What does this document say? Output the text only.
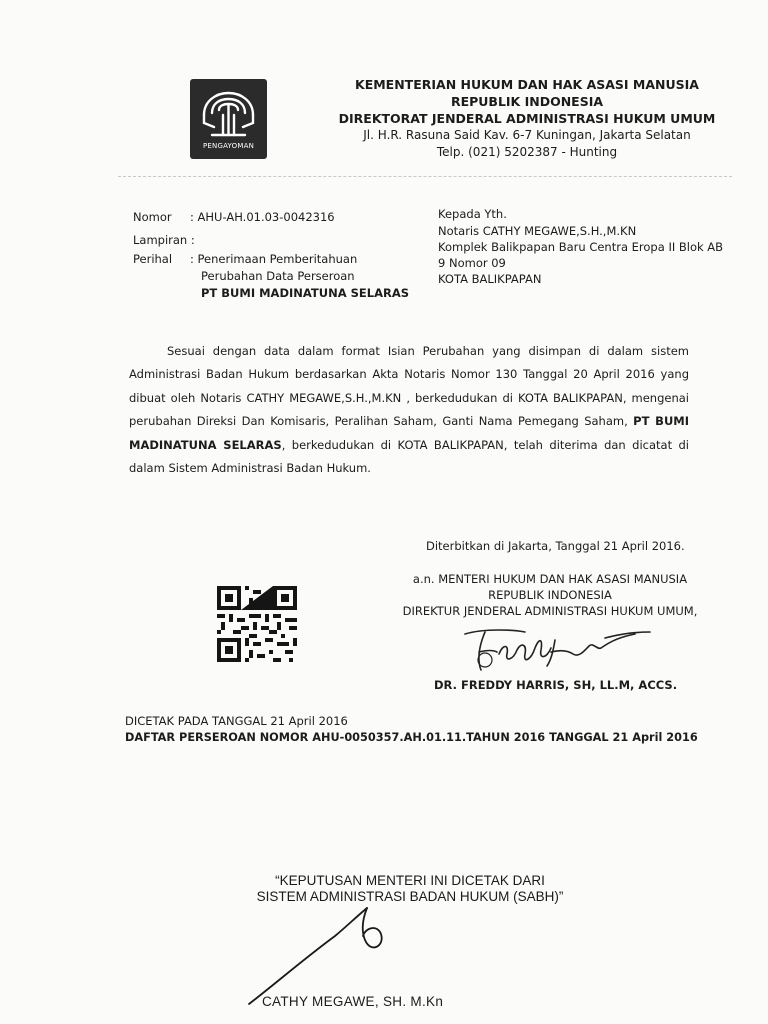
PENGAYOMAN
KEMENTERIAN HUKUM DAN HAK ASASI MANUSIA
REPUBLIK INDONESIA
DIREKTORAT JENDERAL ADMINISTRASI HUKUM UMUM
Jl. H.R. Rasuna Said Kav. 6-7 Kuningan, Jakarta Selatan
Telp. (021) 5202387 - Hunting
Nomor : AHU-AH.01.03-0042316
Lampiran :
Perihal : Penerimaan Pemberitahuan
Perubahan Data Perseroan
PT BUMI MADINATUNA SELARAS
Kepada Yth.
Notaris CATHY MEGAWE,S.H.,M.KN
Komplek Balikpapan Baru Centra Eropa II Blok AB
9 Nomor 09
KOTA BALIKPAPAN
Sesuai dengan data dalam format Isian Perubahan yang disimpan di dalam sistem Administrasi Badan Hukum berdasarkan Akta Notaris Nomor 130 Tanggal 20 April 2016 yang dibuat oleh Notaris CATHY MEGAWE,S.H.,M.KN , berkedudukan di KOTA BALIKPAPAN, mengenai perubahan Direksi Dan Komisaris, Peralihan Saham, Ganti Nama Pemegang Saham, PT BUMI MADINATUNA SELARAS, berkedudukan di KOTA BALIKPAPAN, telah diterima dan dicatat di dalam Sistem Administrasi Badan Hukum.
Diterbitkan di Jakarta, Tanggal 21 April 2016.
a.n. MENTERI HUKUM DAN HAK ASASI MANUSIA
REPUBLIK INDONESIA
DIREKTUR JENDERAL ADMINISTRASI HUKUM UMUM,
DR. FREDDY HARRIS, SH, LL.M, ACCS.
DICETAK PADA TANGGAL 21 April 2016
DAFTAR PERSEROAN NOMOR AHU-0050357.AH.01.11.TAHUN 2016 TANGGAL 21 April 2016
“KEPUTUSAN MENTERI INI DICETAK DARI
SISTEM ADMINISTRASI BADAN HUKUM (SABH)”
CATHY MEGAWE, SH. M.Kn
